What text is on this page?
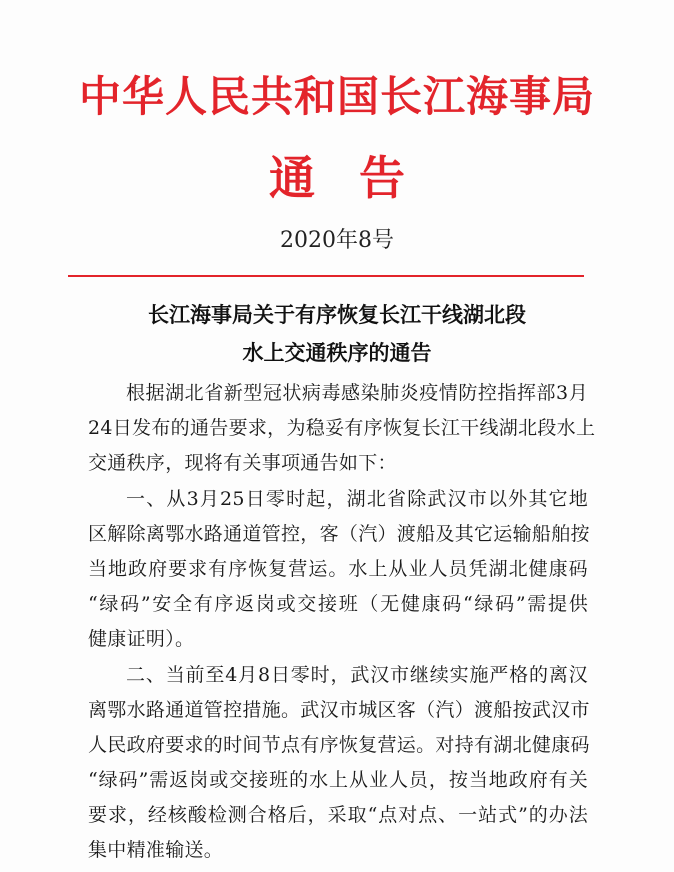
中华人民共和国长江海事局
通告
2020年8号
长江海事局关于有序恢复长江干线湖北段
水上交通秩序的通告
根据湖北省新型冠状病毒感染肺炎疫情防控指挥部3月
24日发布的通告要求，为稳妥有序恢复长江干线湖北段水上
交通秩序，现将有关事项通告如下：
一、从3月25日零时起，湖北省除武汉市以外其它地
区解除离鄂水路通道管控，客（汽）渡船及其它运输船舶按
当地政府要求有序恢复营运。水上从业人员凭湖北健康码
“绿码”安全有序返岗或交接班（无健康码“绿码”需提供
健康证明）。
二、当前至4月8日零时，武汉市继续实施严格的离汉
离鄂水路通道管控措施。武汉市城区客（汽）渡船按武汉市
人民政府要求的时间节点有序恢复营运。对持有湖北健康码
“绿码”需返岗或交接班的水上从业人员，按当地政府有关
要求，经核酸检测合格后，采取“点对点、一站式”的办法
集中精准输送。
